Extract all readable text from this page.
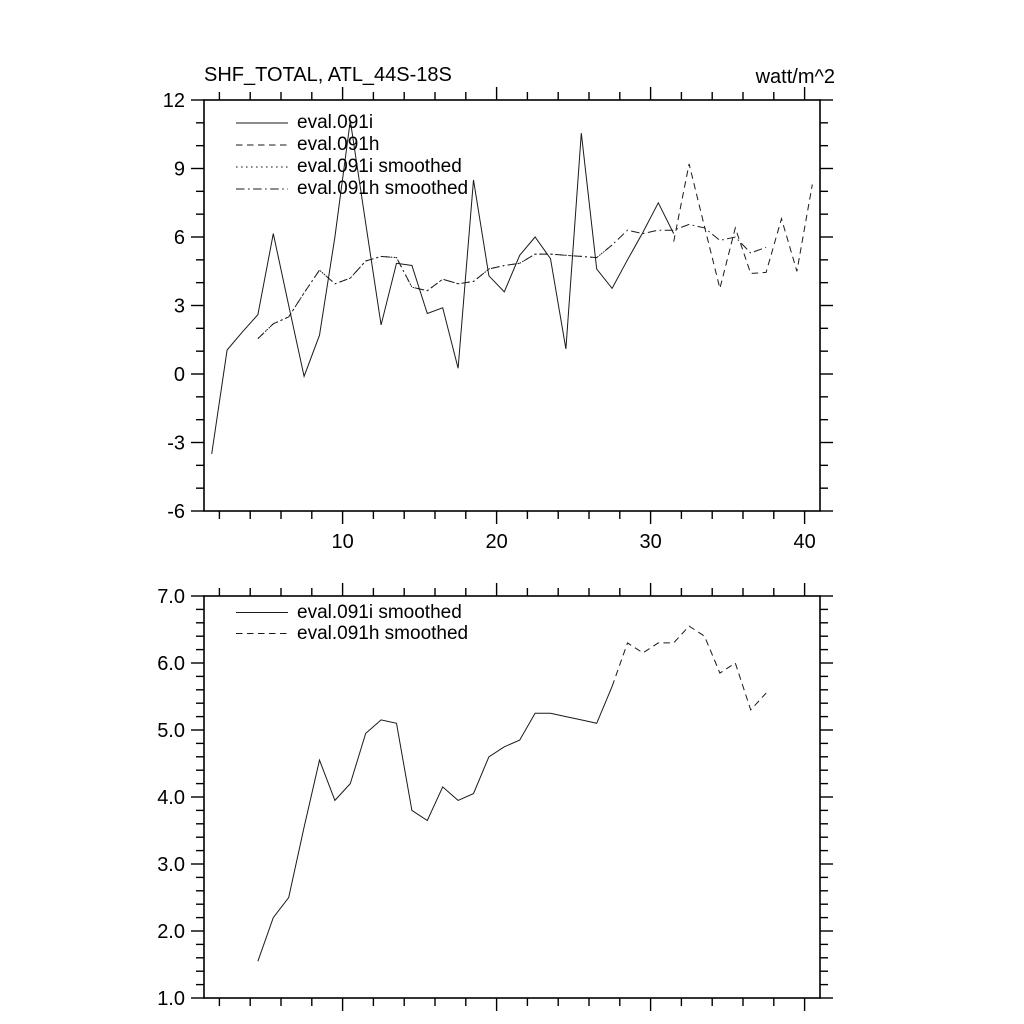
-6
-3
0
3
6
9
12
10	20	30	40
1.0
2.0
3.0
4.0
5.0
6.0
7.0
SHF_TOTAL, ATL_44S-18S	watt/m^2
eval.091i
eval.091h
eval.091i smoothed
eval.091h smoothed
eval.091i smoothed
eval.091h smoothed
